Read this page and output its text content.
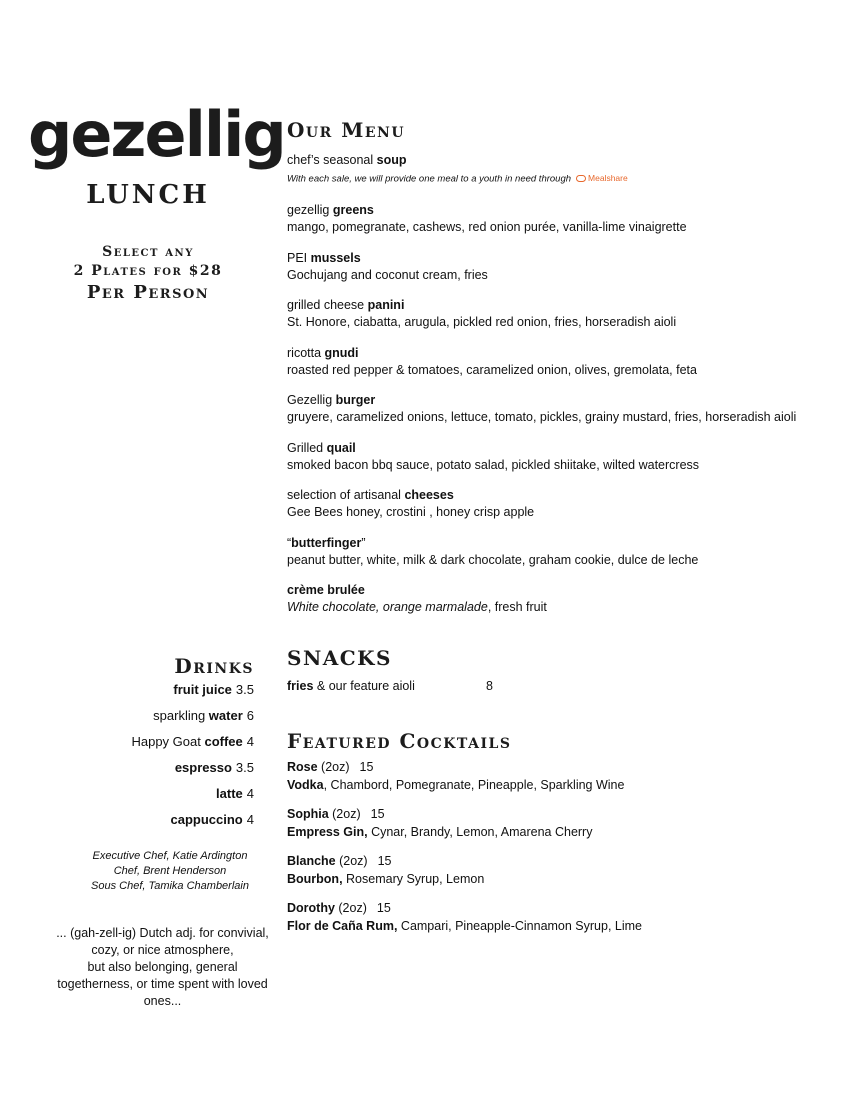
gezellig
LUNCH
Select any
2 Plates for $28
Per Person
Our Menu
chef’s seasonal soup
With each sale, we will provide one meal to a youth in need through Mealshare
gezellig greens
mango, pomegranate, cashews, red onion purée, vanilla-lime vinaigrette
PEI mussels
Gochujang and coconut cream, fries
grilled cheese panini
St. Honore, ciabatta, arugula, pickled red onion, fries, horseradish aioli
ricotta gnudi
roasted red pepper & tomatoes, caramelized onion, olives, gremolata, feta
Gezellig burger
gruyere, caramelized onions, lettuce, tomato, pickles, grainy mustard, fries, horseradish aioli
Grilled quail
smoked bacon bbq sauce, potato salad, pickled shiitake, wilted watercress
selection of artisanal cheeses
Gee Bees honey, crostini , honey crisp apple
“butterfinger”
peanut butter, white, milk & dark chocolate, graham cookie, dulce de leche
crème brulée
White chocolate, orange marmalade, fresh fruit
SNACKS
fries & our feature aioli	8
Featured Cocktails
Rose (2oz) 15
Vodka, Chambord, Pomegranate, Pineapple, Sparkling Wine
Sophia (2oz) 15
Empress Gin, Cynar, Brandy, Lemon, Amarena Cherry
Blanche (2oz) 15
Bourbon, Rosemary Syrup, Lemon
Dorothy (2oz) 15
Flor de Caña Rum, Campari, Pineapple-Cinnamon Syrup, Lime
Drinks
fruit juice 3.5
sparkling water 6
Happy Goat coffee 4
espresso 3.5
latte 4
cappuccino 4
Executive Chef, Katie Ardington
Chef, Brent Henderson
Sous Chef, Tamika Chamberlain
... (gah-zell-ig) Dutch adj. for convivial,
cozy, or nice atmosphere,
but also belonging, general
togetherness, or time spent with loved
ones...
